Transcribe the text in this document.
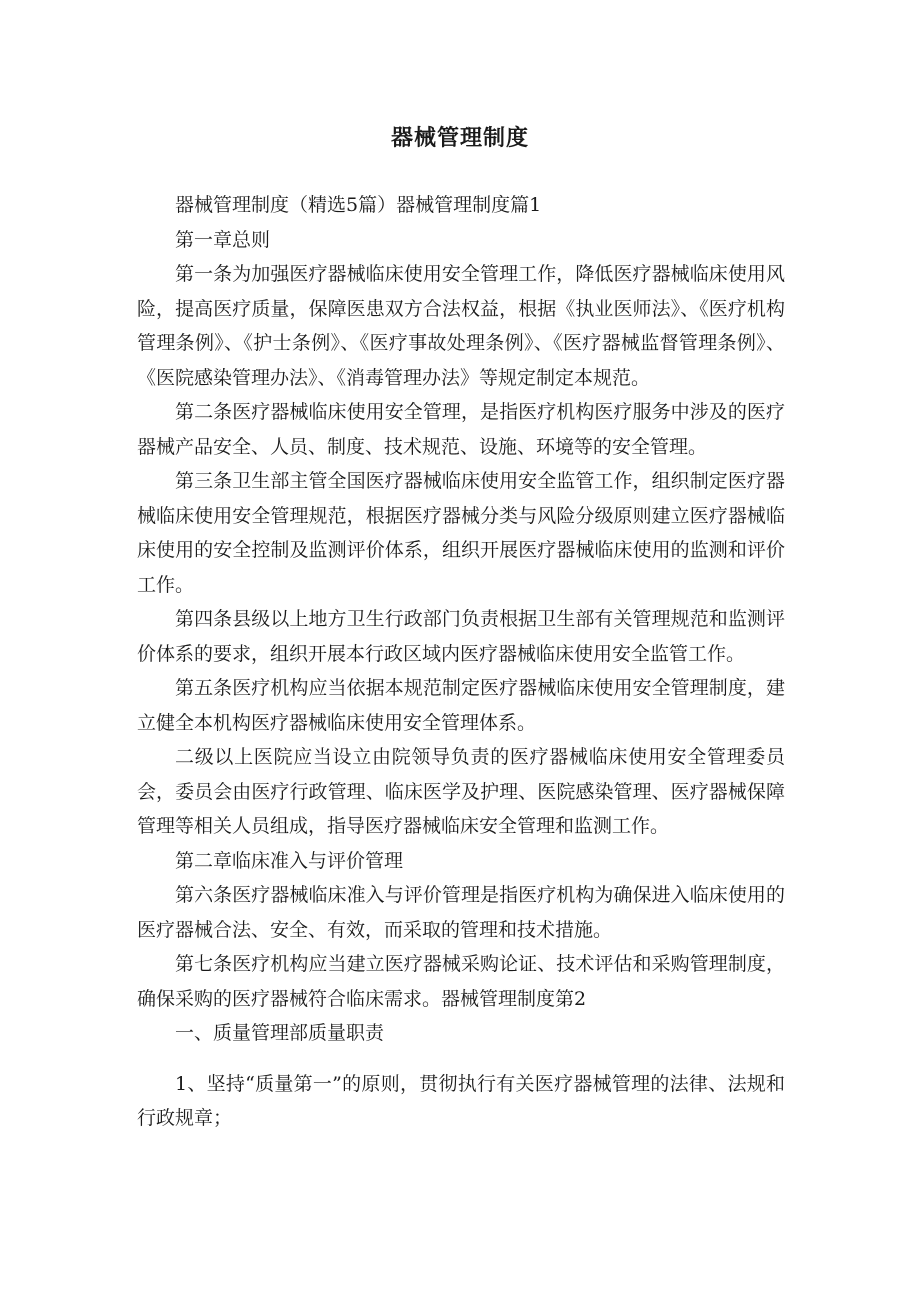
器械管理制度

器械管理制度（精选5篇）器械管理制度篇1

第一章总则

第一条为加强医疗器械临床使用安全管理工作，降低医疗器械临床使用风险，提高医疗质量，保障医患双方合法权益，根据《执业医师法》、《医疗机构管理条例》、《护士条例》、《医疗事故处理条例》、《医疗器械监督管理条例》、《医院感染管理办法》、《消毒管理办法》等规定制定本规范。

第二条医疗器械临床使用安全管理，是指医疗机构医疗服务中涉及的医疗器械产品安全、人员、制度、技术规范、设施、环境等的安全管理。

第三条卫生部主管全国医疗器械临床使用安全监管工作，组织制定医疗器械临床使用安全管理规范，根据医疗器械分类与风险分级原则建立医疗器械临床使用的安全控制及监测评价体系，组织开展医疗器械临床使用的监测和评价工作。

第四条县级以上地方卫生行政部门负责根据卫生部有关管理规范和监测评价体系的要求，组织开展本行政区域内医疗器械临床使用安全监管工作。

第五条医疗机构应当依据本规范制定医疗器械临床使用安全管理制度，建立健全本机构医疗器械临床使用安全管理体系。

二级以上医院应当设立由院领导负责的医疗器械临床使用安全管理委员会，委员会由医疗行政管理、临床医学及护理、医院感染管理、医疗器械保障管理等相关人员组成，指导医疗器械临床安全管理和监测工作。

第二章临床准入与评价管理

第六条医疗器械临床准入与评价管理是指医疗机构为确保进入临床使用的医疗器械合法、安全、有效，而采取的管理和技术措施。

第七条医疗机构应当建立医疗器械采购论证、技术评估和采购管理制度，确保采购的医疗器械符合临床需求。器械管理制度第2

一、质量管理部质量职责

1、坚持“质量第一”的原则，贯彻执行有关医疗器械管理的法律、法规和行政规章；
